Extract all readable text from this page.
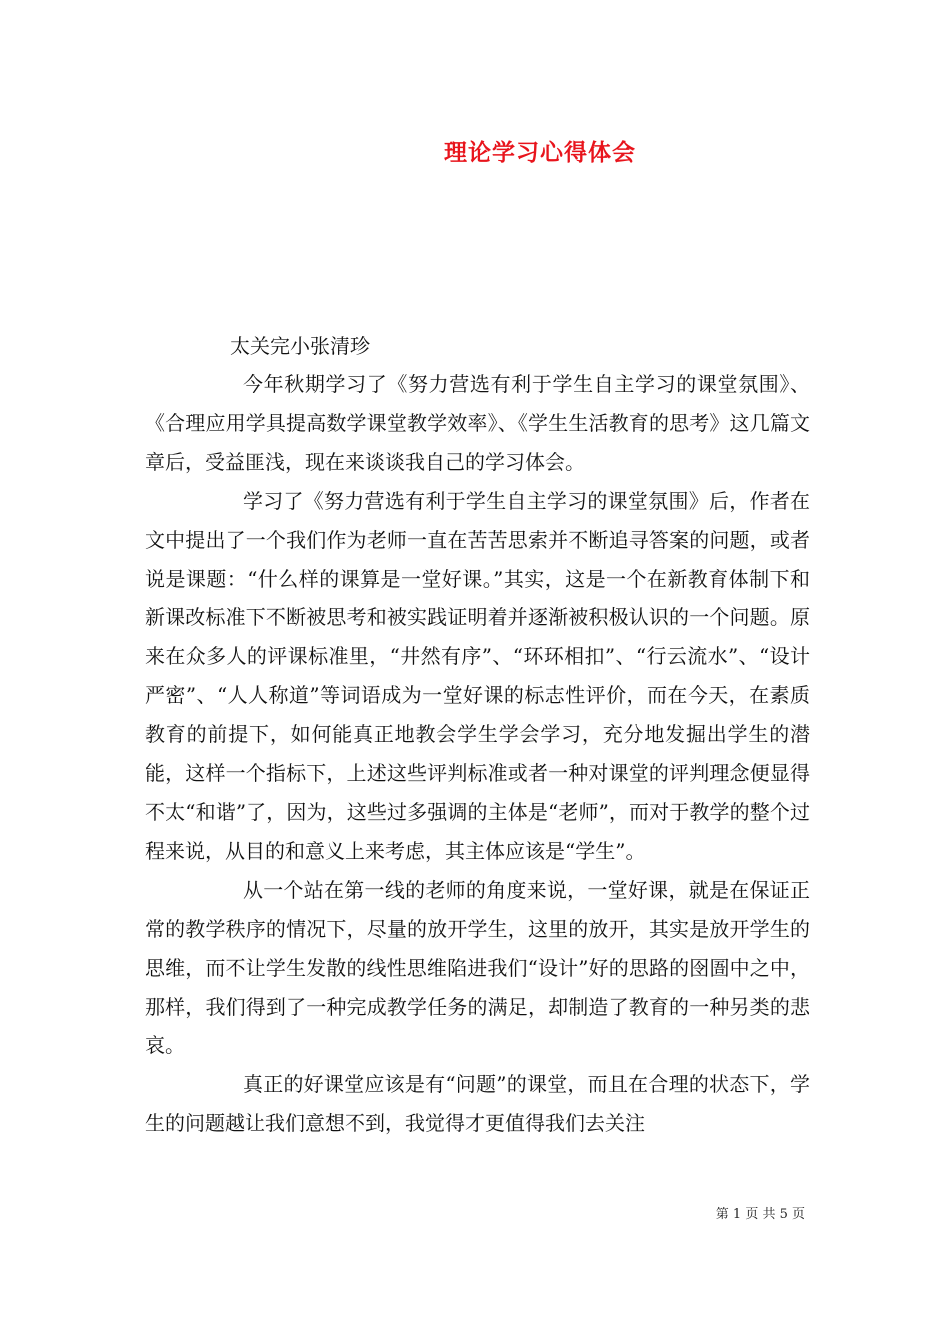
理论学习心得体会
太关完小张清珍

今年秋期学习了《努力营选有利于学生自主学习的课堂氛围》、《合理应用学具提高数学课堂教学效率》、《学生生活教育的思考》这几篇文章后，受益匪浅，现在来谈谈我自己的学习体会。

学习了《努力营选有利于学生自主学习的课堂氛围》后，作者在文中提出了一个我们作为老师一直在苦苦思索并不断追寻答案的问题，或者说是课题：“什么样的课算是一堂好课。”其实，这是一个在新教育体制下和新课改标准下不断被思考和被实践证明着并逐渐被积极认识的一个问题。原来在众多人的评课标准里，“井然有序”、“环环相扣”、“行云流水”、“设计严密”、“人人称道”等词语成为一堂好课的标志性评价，而在今天，在素质教育的前提下，如何能真正地教会学生学会学习，充分地发掘出学生的潜能，这样一个指标下，上述这些评判标准或者一种对课堂的评判理念便显得不太“和谐”了，因为，这些过多强调的主体是“老师”，而对于教学的整个过程来说，从目的和意义上来考虑，其主体应该是“学生”。

从一个站在第一线的老师的角度来说，一堂好课，就是在保证正常的教学秩序的情况下，尽量的放开学生，这里的放开，其实是放开学生的思维，而不让学生发散的线性思维陷进我们“设计”好的思路的囹圄中之中，那样，我们得到了一种完成教学任务的满足，却制造了教育的一种另类的悲哀。

真正的好课堂应该是有“问题”的课堂，而且在合理的状态下，学生的问题越让我们意想不到，我觉得才更值得我们去关注

第 1 页 共 5 页
